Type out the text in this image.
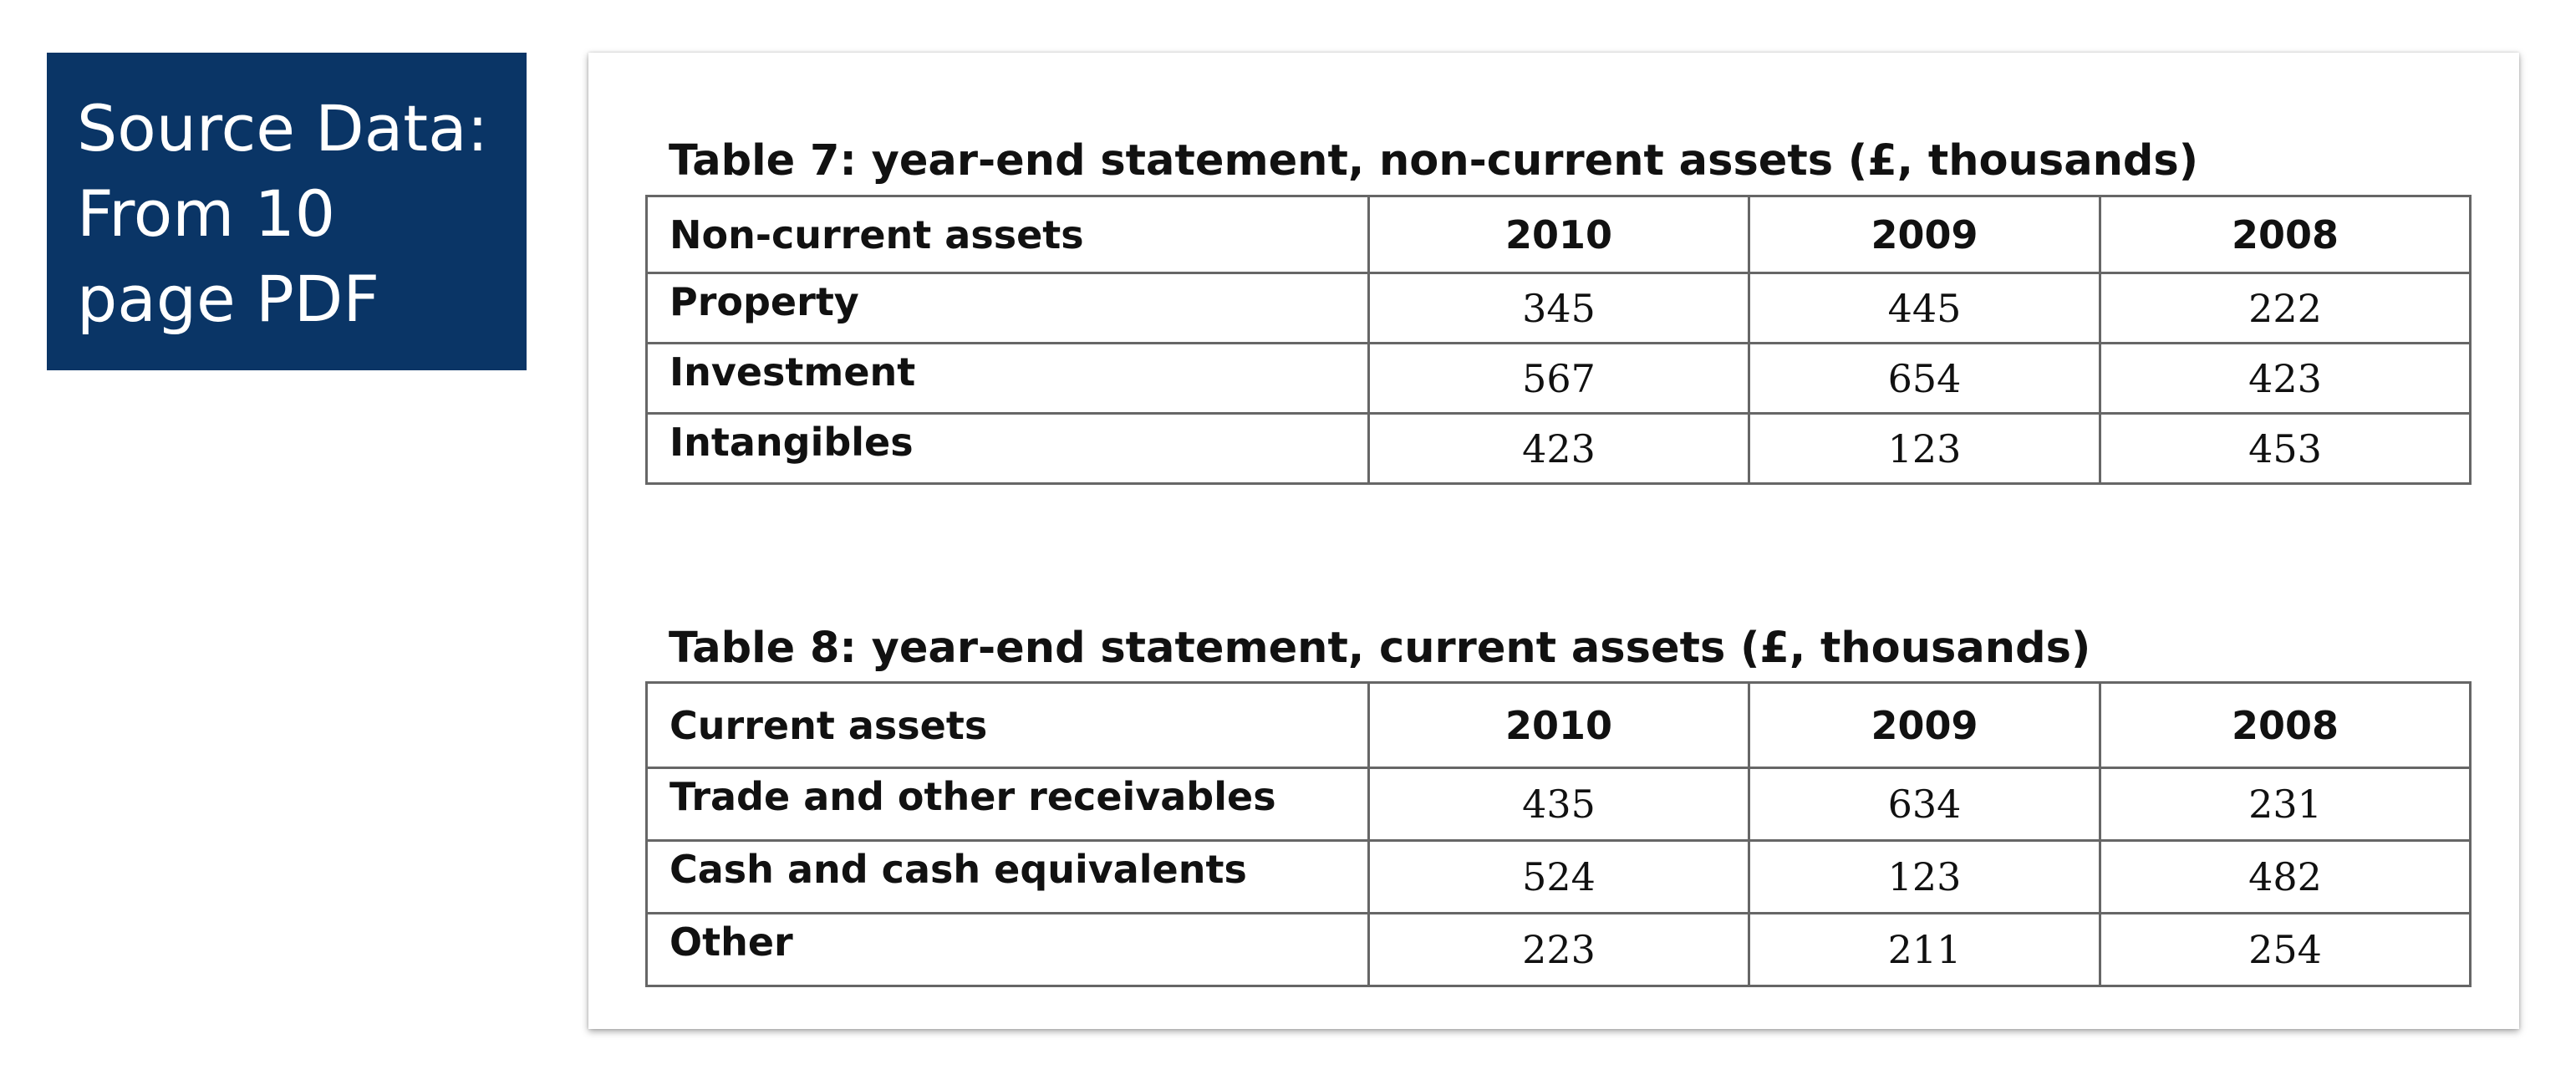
Source Data:
From 10
page PDF
Table 7: year-end statement, non-current assets (£, thousands)
Non-current assets	2010	2009	2008
Property	345	445	222
Investment	567	654	423
Intangibles	423	123	453
Table 8: year-end statement, current assets (£, thousands)
Current assets	2010	2009	2008
Trade and other receivables	435	634	231
Cash and cash equivalents	524	123	482
Other	223	211	254
